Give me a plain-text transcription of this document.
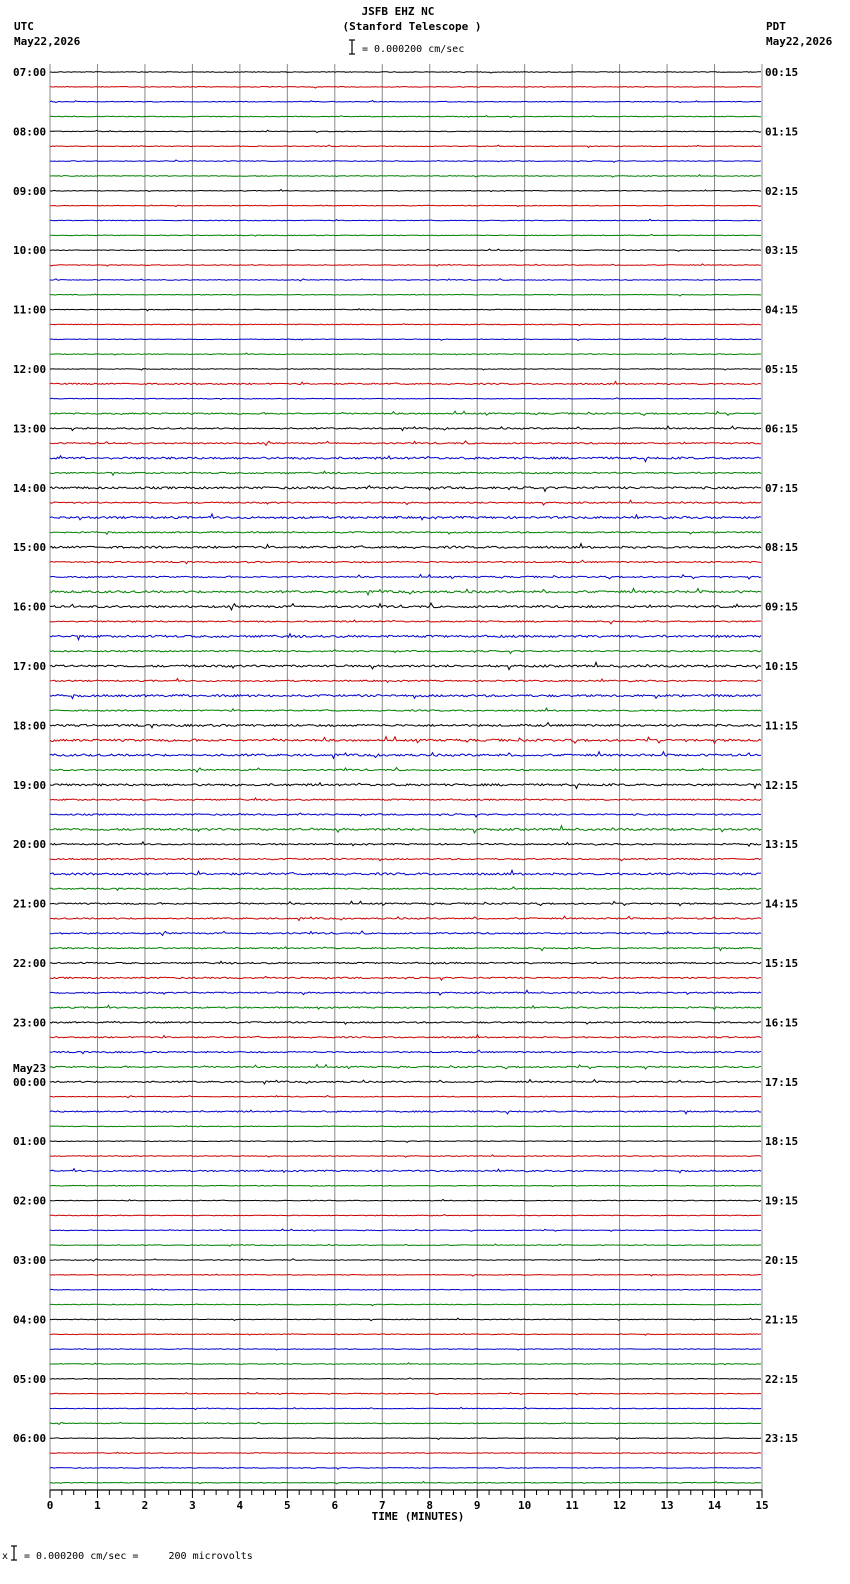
JSFB EHZ NC
(Stanford Telescope )
= 0.000200 cm/sec
UTC
May22,2026
PDT
May22,2026
07:00
08:00
09:00
10:00
11:00
12:00
13:00
14:00
15:00
16:00
17:00
18:00
19:00
20:00
21:00
22:00
23:00
00:00
01:00
02:00
03:00
04:00
05:00
06:00
May23
00:15
01:15
02:15
03:15
04:15
05:15
06:15
07:15
08:15
09:15
10:15
11:15
12:15
13:15
14:15
15:15
16:15
17:15
18:15
19:15
20:15
21:15
22:15
23:15
0	1	2	3	4	5	6	7	8	9	10	11	12	13	14	15
TIME (MINUTES)
x = 0.000200 cm/sec =     200 microvolts
